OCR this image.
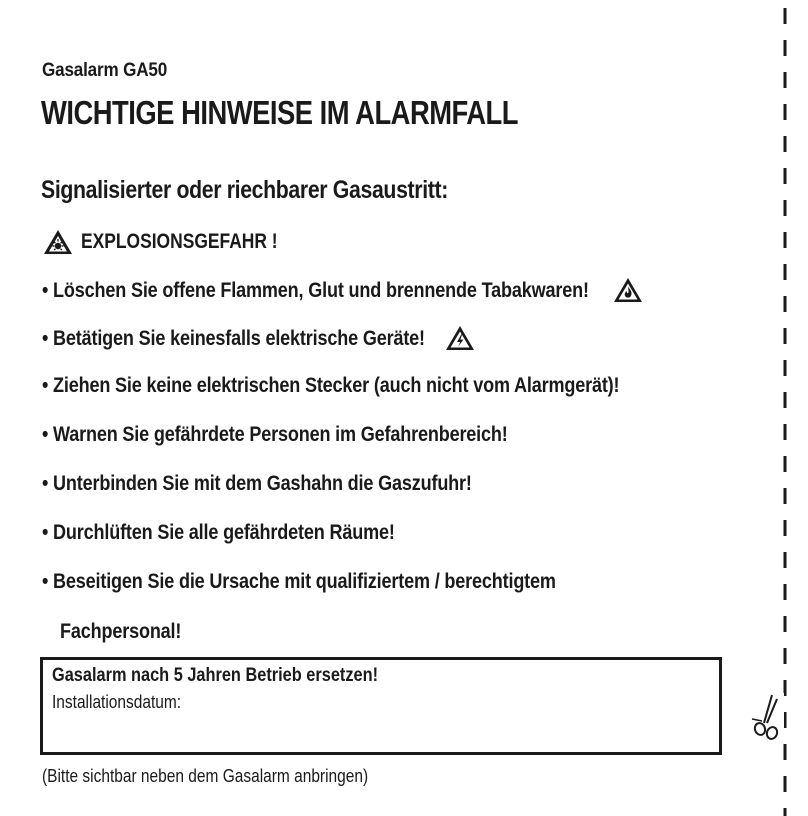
Gasalarm GA50
WICHTIGE HINWEISE IM ALARMFALL
Signalisierter oder riechbarer Gasaustritt:
EXPLOSIONSGEFAHR !
• Löschen Sie offene Flammen, Glut und brennende Tabakwaren!
• Betätigen Sie keinesfalls elektrische Geräte!
• Ziehen Sie keine elektrischen Stecker (auch nicht vom Alarmgerät)!
• Warnen Sie gefährdete Personen im Gefahrenbereich!
• Unterbinden Sie mit dem Gashahn die Gaszufuhr!
• Durchlüften Sie alle gefährdeten Räume!
• Beseitigen Sie die Ursache mit qualifiziertem / berechtigtem
Fachpersonal!
Gasalarm nach 5 Jahren Betrieb ersetzen!
Installationsdatum:
(Bitte sichtbar neben dem Gasalarm anbringen)
